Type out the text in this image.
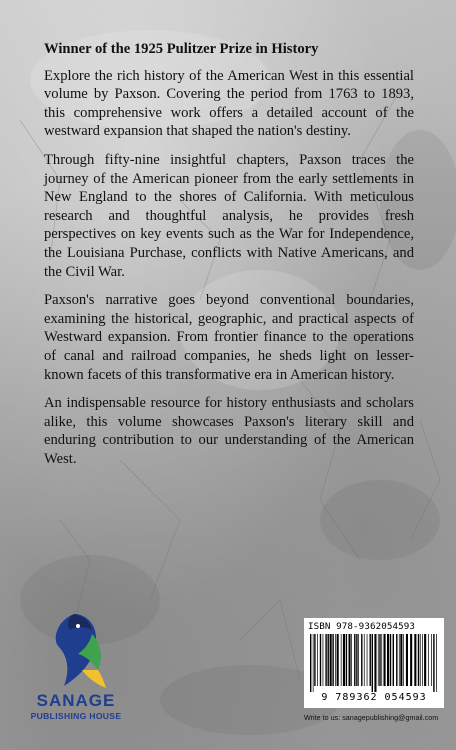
Winner of the 1925 Pulitzer Prize in History

Explore the rich history of the American West in this essential volume by Paxson. Covering the period from 1763 to 1893, this comprehensive work offers a detailed account of the westward expansion that shaped the nation's destiny.

Through fifty-nine insightful chapters, Paxson traces the journey of the American pioneer from the early settlements in New England to the shores of California. With meticulous research and thoughtful analysis, he provides fresh perspectives on key events such as the War for Independence, the Louisiana Purchase, conflicts with Native Americans, and the Civil War.

Paxson's narrative goes beyond conventional boundaries, examining the historical, geographic, and practical aspects of Westward expansion. From frontier finance to the operations of canal and railroad companies, he sheds light on lesser-known facets of this transformative era in American history.

An indispensable resource for history enthusiasts and scholars alike, this volume showcases Paxson's literary skill and enduring contribution to our understanding of the American West.

SANAGE
PUBLISHING HOUSE
ISBN 978-9362054593
9 789362 054593
Write to us: sanagepublishing@gmail.com
